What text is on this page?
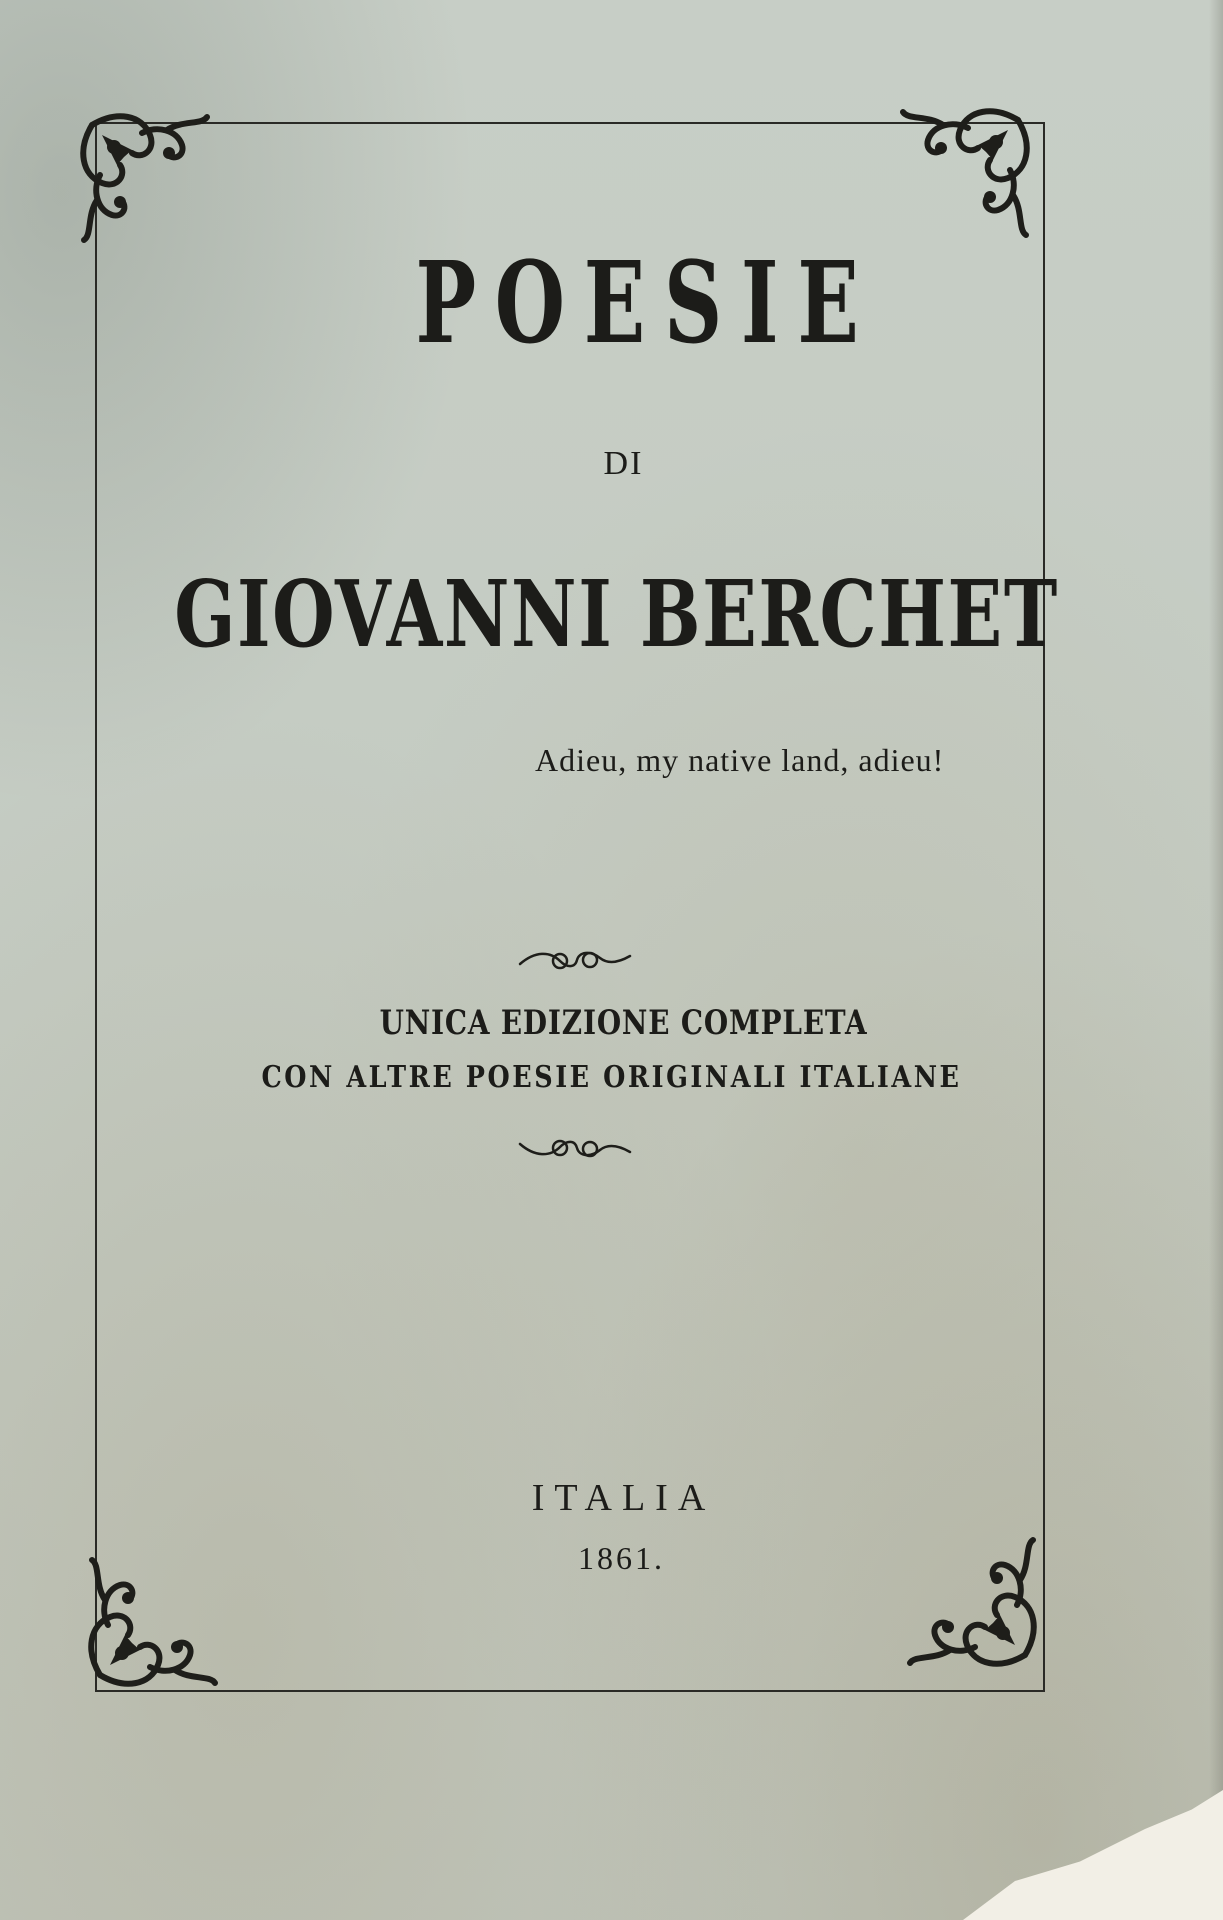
POESIE
DI
GIOVANNI BERCHET
Adieu, my native land, adieu!
UNICA EDIZIONE COMPLETA
CON ALTRE POESIE ORIGINALI ITALIANE
ITALIA
1861.
